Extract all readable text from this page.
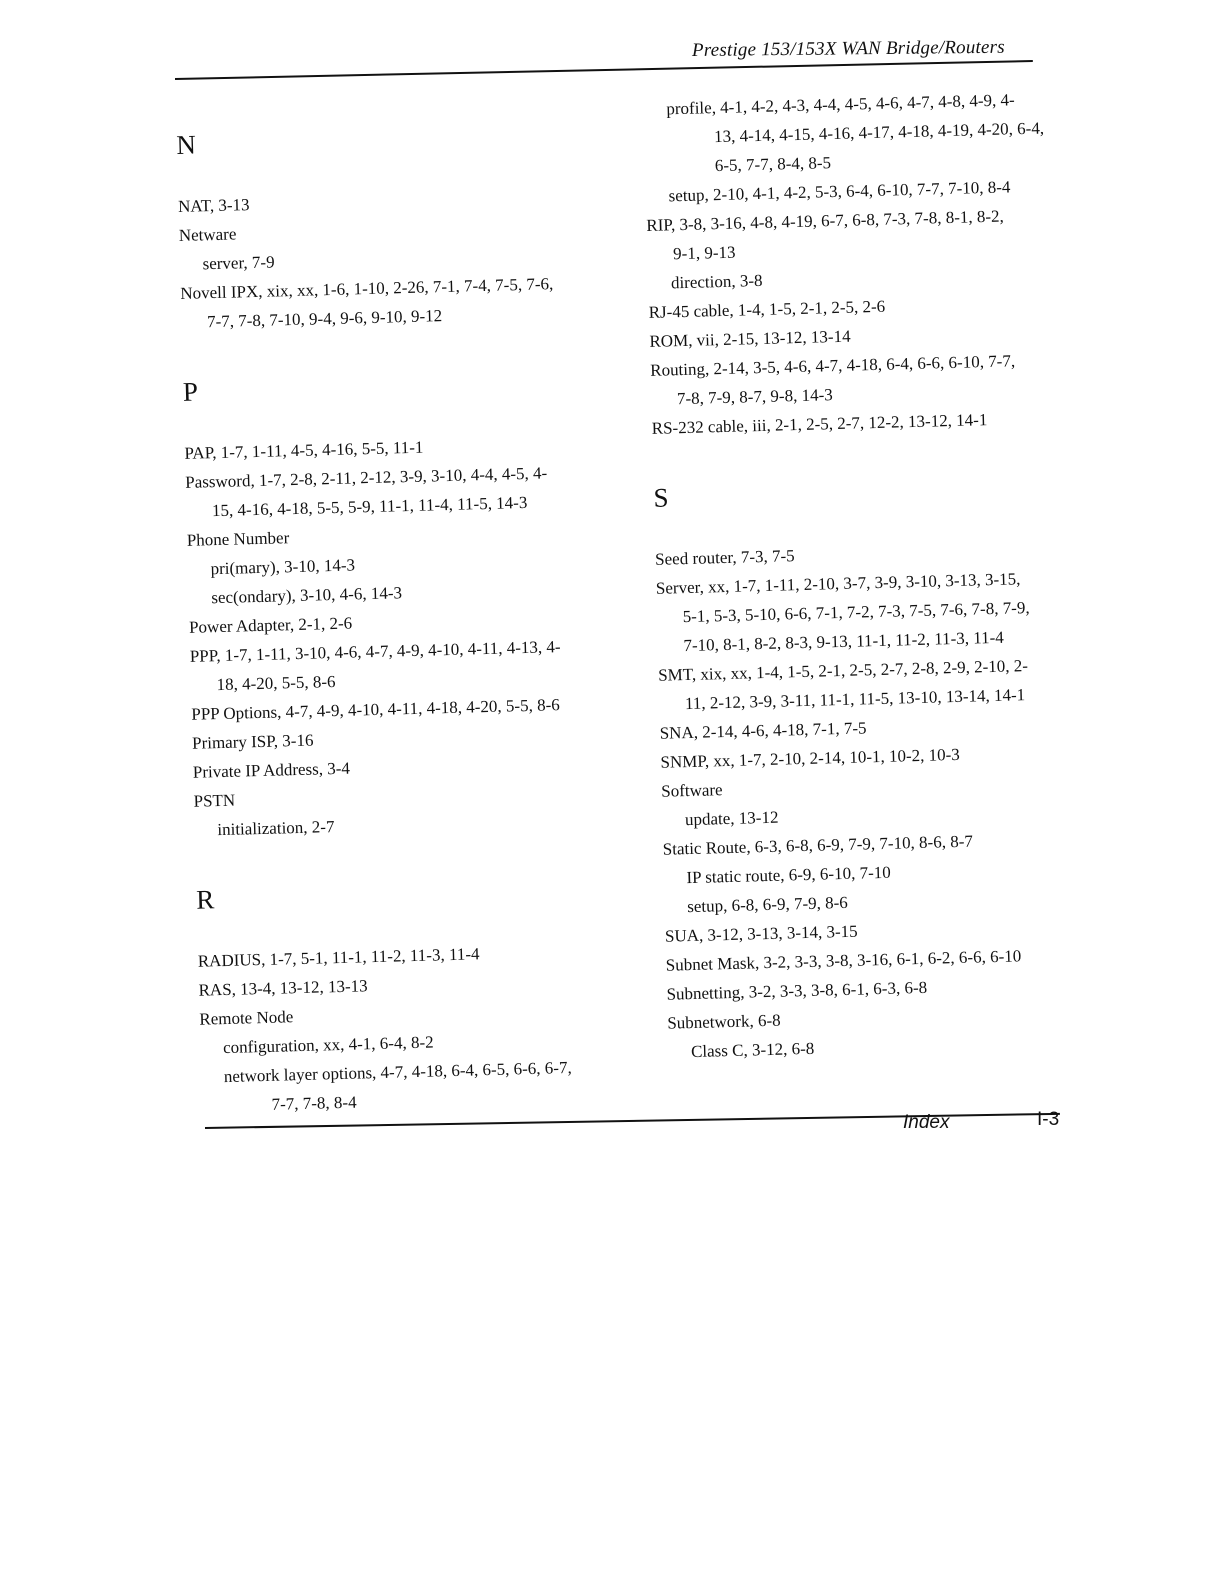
Prestige 153/153X WAN Bridge/Routers
N
NAT, 3-13
Netware
server, 7-9
Novell IPX, xix, xx, 1-6, 1-10, 2-26, 7-1, 7-4, 7-5, 7-6,
7-7, 7-8, 7-10, 9-4, 9-6, 9-10, 9-12
P
PAP, 1-7, 1-11, 4-5, 4-16, 5-5, 11-1
Password, 1-7, 2-8, 2-11, 2-12, 3-9, 3-10, 4-4, 4-5, 4-
15, 4-16, 4-18, 5-5, 5-9, 11-1, 11-4, 11-5, 14-3
Phone Number
pri(mary), 3-10, 14-3
sec(ondary), 3-10, 4-6, 14-3
Power Adapter, 2-1, 2-6
PPP, 1-7, 1-11, 3-10, 4-6, 4-7, 4-9, 4-10, 4-11, 4-13, 4-
18, 4-20, 5-5, 8-6
PPP Options, 4-7, 4-9, 4-10, 4-11, 4-18, 4-20, 5-5, 8-6
Primary ISP, 3-16
Private IP Address, 3-4
PSTN
initialization, 2-7
R
RADIUS, 1-7, 5-1, 11-1, 11-2, 11-3, 11-4
RAS, 13-4, 13-12, 13-13
Remote Node
configuration, xx, 4-1, 6-4, 8-2
network layer options, 4-7, 4-18, 6-4, 6-5, 6-6, 6-7,
7-7, 7-8, 8-4
profile, 4-1, 4-2, 4-3, 4-4, 4-5, 4-6, 4-7, 4-8, 4-9, 4-
13, 4-14, 4-15, 4-16, 4-17, 4-18, 4-19, 4-20, 6-4,
6-5, 7-7, 8-4, 8-5
setup, 2-10, 4-1, 4-2, 5-3, 6-4, 6-10, 7-7, 7-10, 8-4
RIP, 3-8, 3-16, 4-8, 4-19, 6-7, 6-8, 7-3, 7-8, 8-1, 8-2,
9-1, 9-13
direction, 3-8
RJ-45 cable, 1-4, 1-5, 2-1, 2-5, 2-6
ROM, vii, 2-15, 13-12, 13-14
Routing, 2-14, 3-5, 4-6, 4-7, 4-18, 6-4, 6-6, 6-10, 7-7,
7-8, 7-9, 8-7, 9-8, 14-3
RS-232 cable, iii, 2-1, 2-5, 2-7, 12-2, 13-12, 14-1
S
Seed router, 7-3, 7-5
Server, xx, 1-7, 1-11, 2-10, 3-7, 3-9, 3-10, 3-13, 3-15,
5-1, 5-3, 5-10, 6-6, 7-1, 7-2, 7-3, 7-5, 7-6, 7-8, 7-9,
7-10, 8-1, 8-2, 8-3, 9-13, 11-1, 11-2, 11-3, 11-4
SMT, xix, xx, 1-4, 1-5, 2-1, 2-5, 2-7, 2-8, 2-9, 2-10, 2-
11, 2-12, 3-9, 3-11, 11-1, 11-5, 13-10, 13-14, 14-1
SNA, 2-14, 4-6, 4-18, 7-1, 7-5
SNMP, xx, 1-7, 2-10, 2-14, 10-1, 10-2, 10-3
Software
update, 13-12
Static Route, 6-3, 6-8, 6-9, 7-9, 7-10, 8-6, 8-7
IP static route, 6-9, 6-10, 7-10
setup, 6-8, 6-9, 7-9, 8-6
SUA, 3-12, 3-13, 3-14, 3-15
Subnet Mask, 3-2, 3-3, 3-8, 3-16, 6-1, 6-2, 6-6, 6-10
Subnetting, 3-2, 3-3, 3-8, 6-1, 6-3, 6-8
Subnetwork, 6-8
Class C, 3-12, 6-8
Index	I-3
